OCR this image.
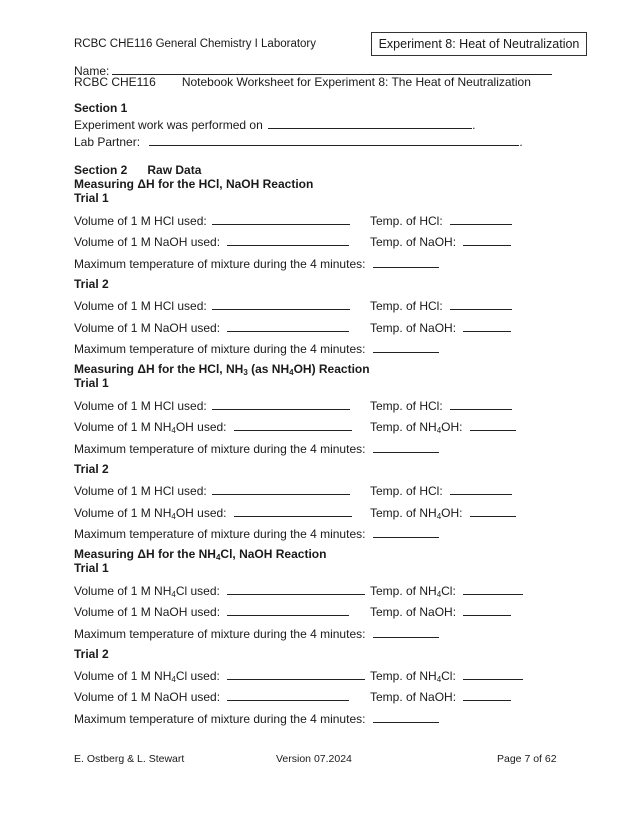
RCBC CHE116 General Chemistry I Laboratory	Experiment 8: Heat of Neutralization
Name:
RCBC CHE116 Notebook Worksheet for Experiment 8: The Heat of Neutralization
Section 1
Experiment work was performed on	.
Lab Partner:	.
Section 2 Raw Data
Measuring ΔH for the HCl, NaOH Reaction
Trial 1
Volume of 1 M HCl used:	Temp. of HCl:
Volume of 1 M NaOH used:	Temp. of NaOH:
Maximum temperature of mixture during the 4 minutes:
Trial 2
Volume of 1 M HCl used:	Temp. of HCl:
Volume of 1 M NaOH used:	Temp. of NaOH:
Maximum temperature of mixture during the 4 minutes:
Measuring ΔH for the HCl, $NH_3$ (as $NH_4OH$) Reaction
Trial 1
Volume of 1 M HCl used:	Temp. of HCl:
Volume of 1 M $NH_4OH$ used:	Temp. of $NH_4OH$:
Maximum temperature of mixture during the 4 minutes:
Trial 2
Volume of 1 M HCl used:	Temp. of HCl:
Volume of 1 M $NH_4OH$ used:	Temp. of $NH_4OH$:
Maximum temperature of mixture during the 4 minutes:
Measuring ΔH for the $NH_4Cl$, NaOH Reaction
Trial 1
Volume of 1 M $NH_4Cl$ used:	Temp. of $NH_4Cl$:
Volume of 1 M NaOH used:	Temp. of NaOH:
Maximum temperature of mixture during the 4 minutes:
Trial 2
Volume of 1 M $NH_4Cl$ used:	Temp. of $NH_4Cl$:
Volume of 1 M NaOH used:	Temp. of NaOH:
Maximum temperature of mixture during the 4 minutes:
E. Ostberg & L. Stewart	Version 07.2024	Page 7 of 62
